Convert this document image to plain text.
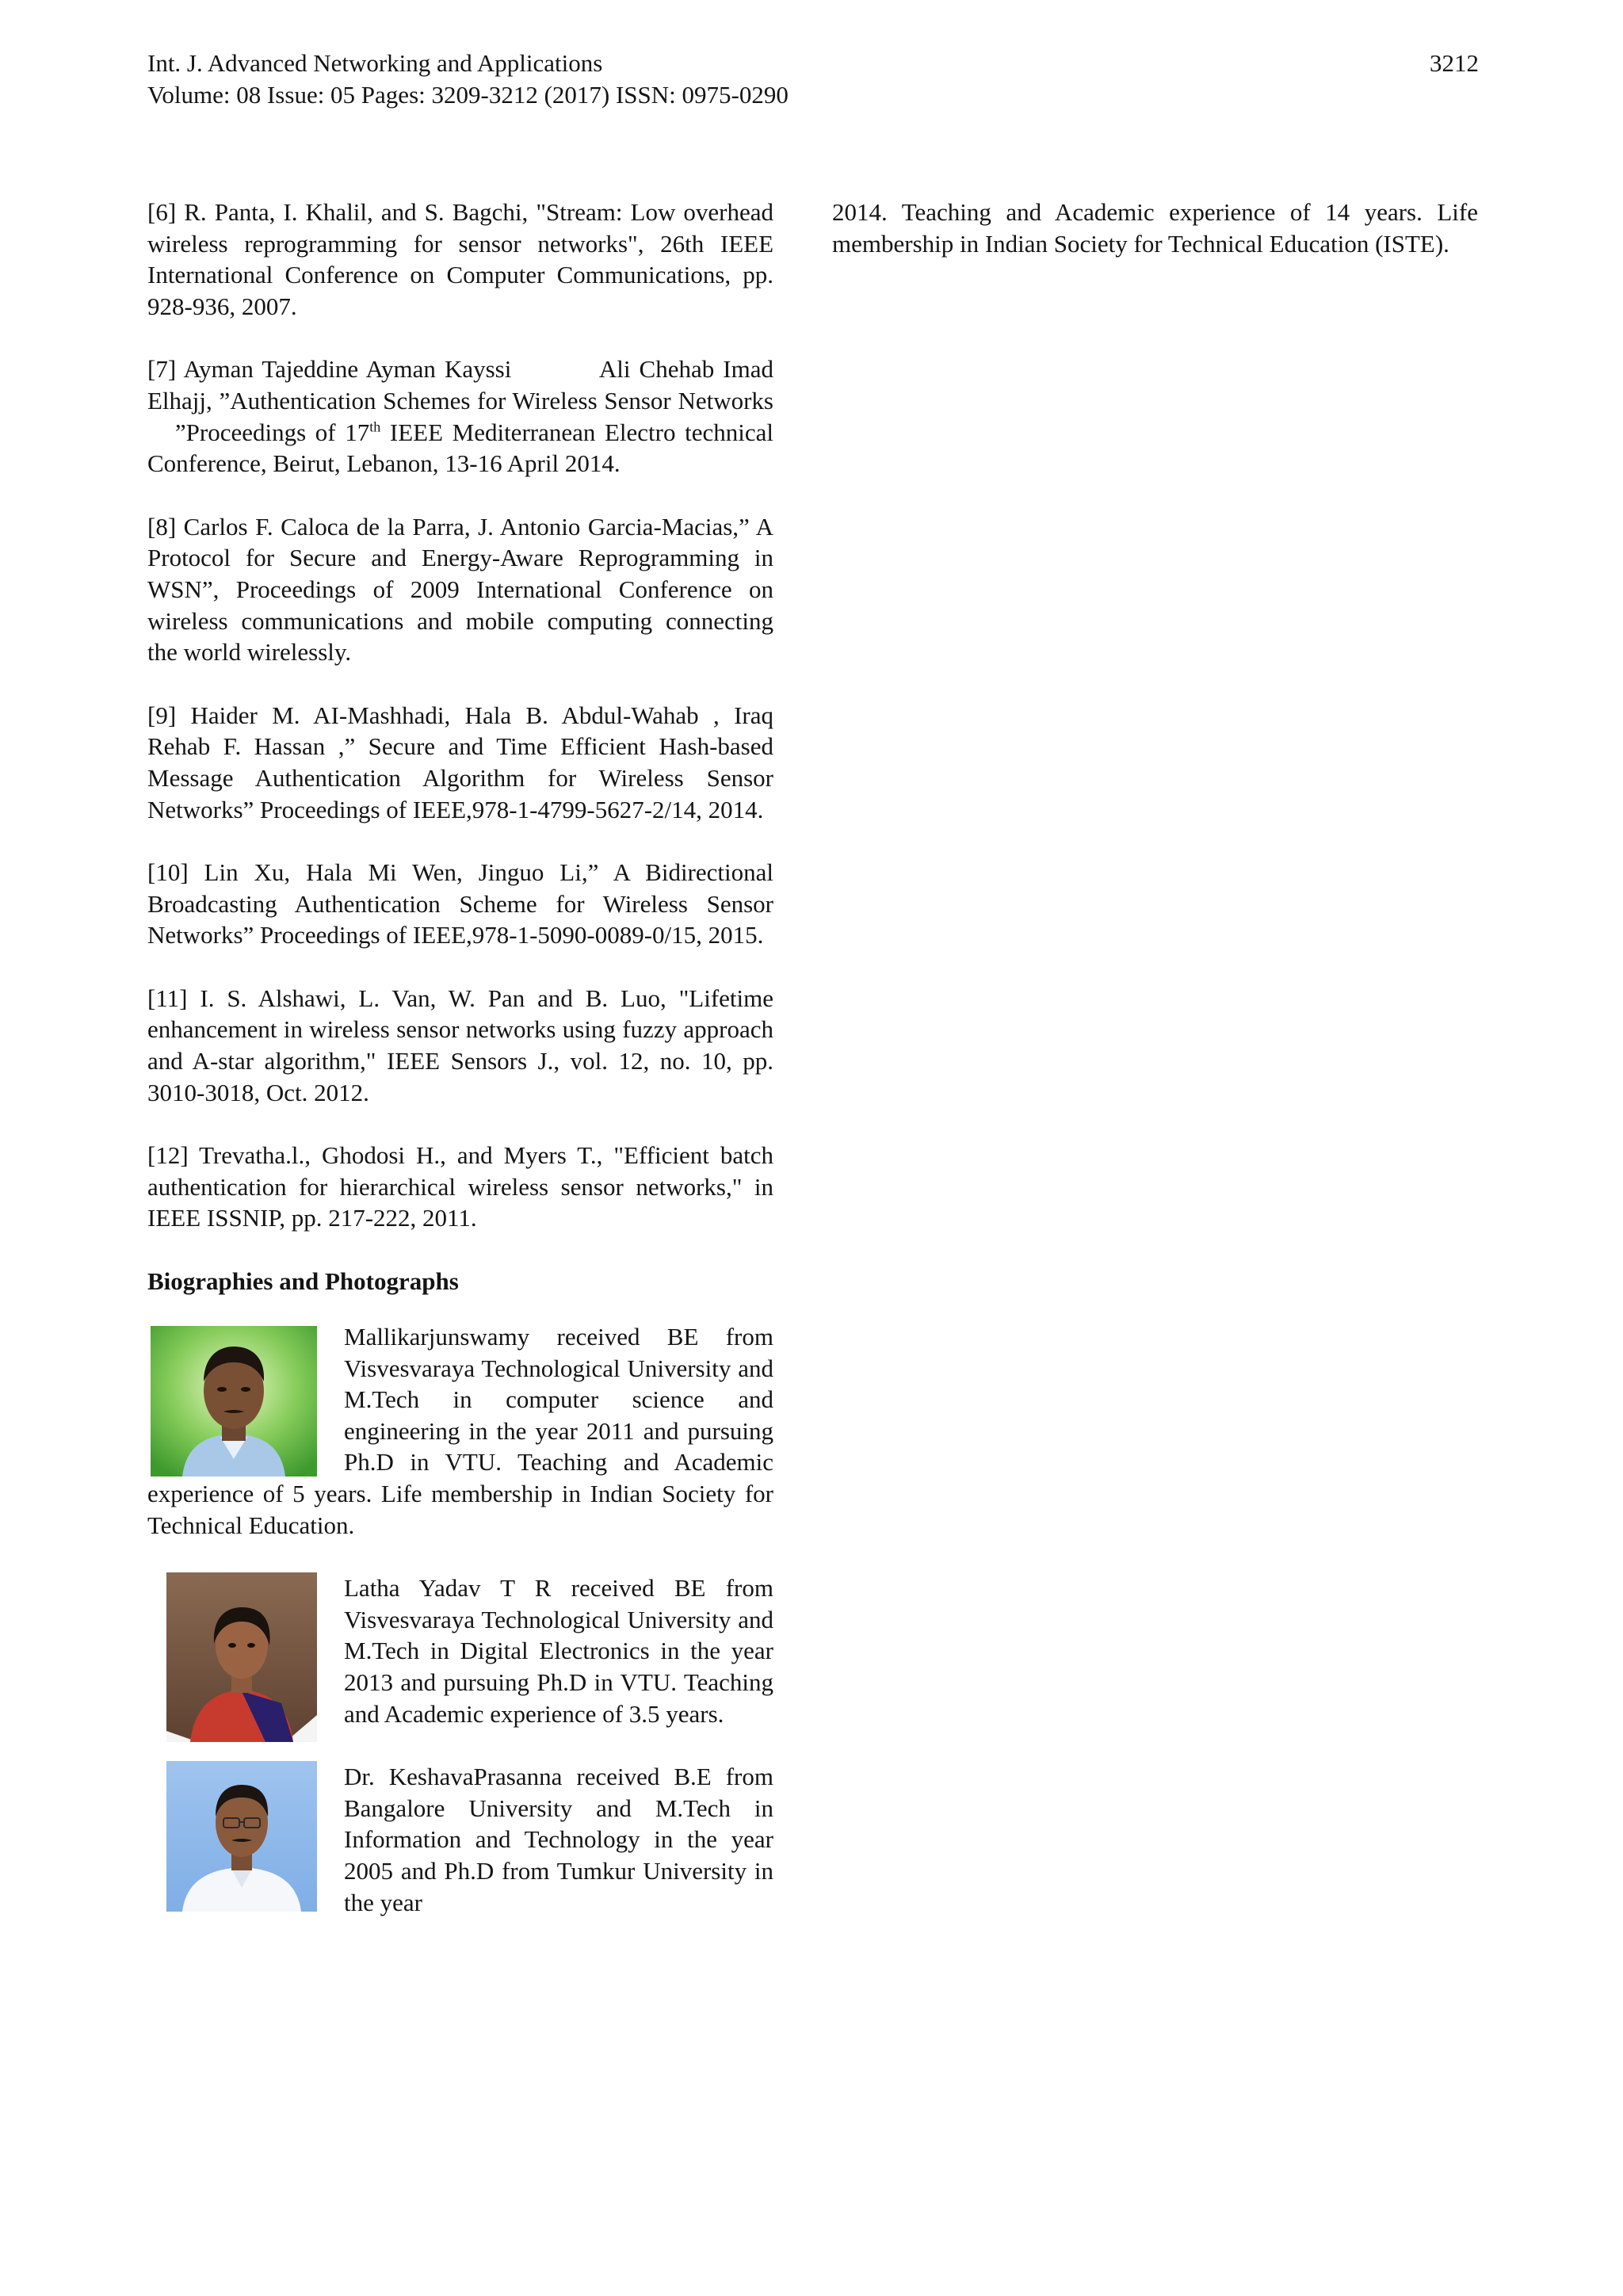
Int. J. Advanced Networking and Applications
Volume: 08 Issue: 05 Pages: 3209-3212 (2017) ISSN: 0975-0290
3212

[6] R. Panta, I. Khalil, and S. Bagchi, "Stream: Low overhead wireless reprogramming for sensor networks", 26th IEEE International Conference on Computer Communications, pp. 928-936, 2007.

[7] Ayman Tajeddine Ayman Kayssi          Ali Chehab Imad Elhajj, ”Authentication Schemes for Wireless Sensor Networks    ”Proceedings of 17th IEEE Mediterranean Electro technical Conference, Beirut, Lebanon, 13-16 April 2014.

[8] Carlos F. Caloca de la Parra, J. Antonio Garcia-Macias,” A Protocol for Secure and Energy-Aware Reprogramming in WSN”, Proceedings of 2009 International Conference on wireless communications and mobile computing connecting the world wirelessly.

[9] Haider M. AI-Mashhadi, Hala B. Abdul-Wahab , Iraq Rehab F. Hassan ,” Secure and Time Efficient Hash-based Message Authentication Algorithm for Wireless Sensor Networks” Proceedings of IEEE,978-1-4799-5627-2/14, 2014.

[10] Lin Xu, Hala Mi Wen, Jinguo Li,” A Bidirectional Broadcasting Authentication Scheme for Wireless Sensor Networks” Proceedings of IEEE,978-1-5090-0089-0/15, 2015.

[11] I. S. Alshawi, L. Van, W. Pan and B. Luo, "Lifetime enhancement in wireless sensor networks using fuzzy approach and A-star algorithm," IEEE Sensors J., vol. 12, no. 10, pp. 3010-3018, Oct. 2012.

[12] Trevatha.l., Ghodosi H., and Myers T., "Efficient batch authentication for hierarchical wireless sensor networks," in IEEE ISSNIP, pp. 217-222, 2011.

Biographies and Photographs

Mallikarjunswamy received BE from Visvesvaraya Technological University and M.Tech in computer science and engineering in the year 2011 and pursuing Ph.D in VTU. Teaching and Academic experience of 5 years. Life membership in Indian Society for Technical Education.

Latha Yadav T R received BE from Visvesvaraya Technological University and M.Tech in Digital Electronics in the year 2013 and pursuing Ph.D in VTU. Teaching and Academic experience of 3.5 years.

Dr. KeshavaPrasanna received B.E from Bangalore University and M.Tech in Information and Technology in the year 2005 and Ph.D from Tumkur University in the year

2014. Teaching and Academic experience of 14 years. Life membership in Indian Society for Technical Education (ISTE).
